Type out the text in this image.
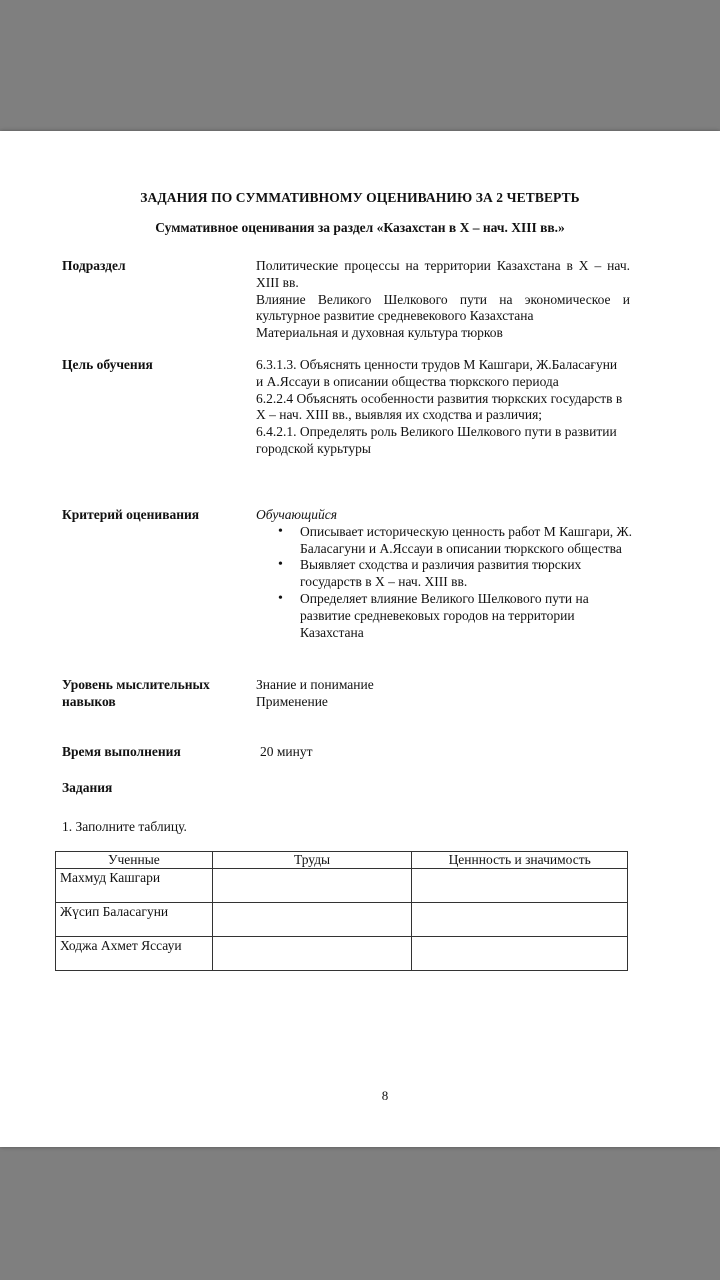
ЗАДАНИЯ ПО СУММАТИВНОМУ ОЦЕНИВАНИЮ ЗА 2 ЧЕТВЕРТЬ
Суммативное оценивания за раздел «Казахстан в X – нач. XIII вв.»
Подраздел	Политические процессы на территории Казахстана в X – нач. XIII вв.
Влияние Великого Шелкового пути на экономическое и культурное развитие средневекового Казахстана
Материальная и духовная культура тюрков
Цель обучения	6.3.1.3. Объяснять ценности трудов М Кашгари, Ж.Баласағуни и А.Яссауи в описании общества тюркского периода
6.2.2.4 Объяснять особенности развития тюркских государств в X – нач. XIII вв., выявляя их сходства и различия;
6.4.2.1. Определять роль Великого Шелкового пути в развитии городской курьтуры
Критерий оценивания	Обучающийся
• Описывает историческую ценность работ М Кашгари, Ж. Баласагуни и А.Яссауи в описании тюркского общества
• Выявляет сходства и различия развития тюрских государств в X – нач. XIII вв.
• Определяет влияние Великого Шелкового пути на развитие средневековых городов на территории Казахстана
Уровень мыслительных навыков
Знание и понимание
Применение
Время выполнения	20 минут
Задания
1. Заполните таблицу.
Ученные	Труды	Ценнность и значимость
Махмуд Кашгари		
Жүсип Баласагуни		
Ходжа Ахмет Яссауи		
8
